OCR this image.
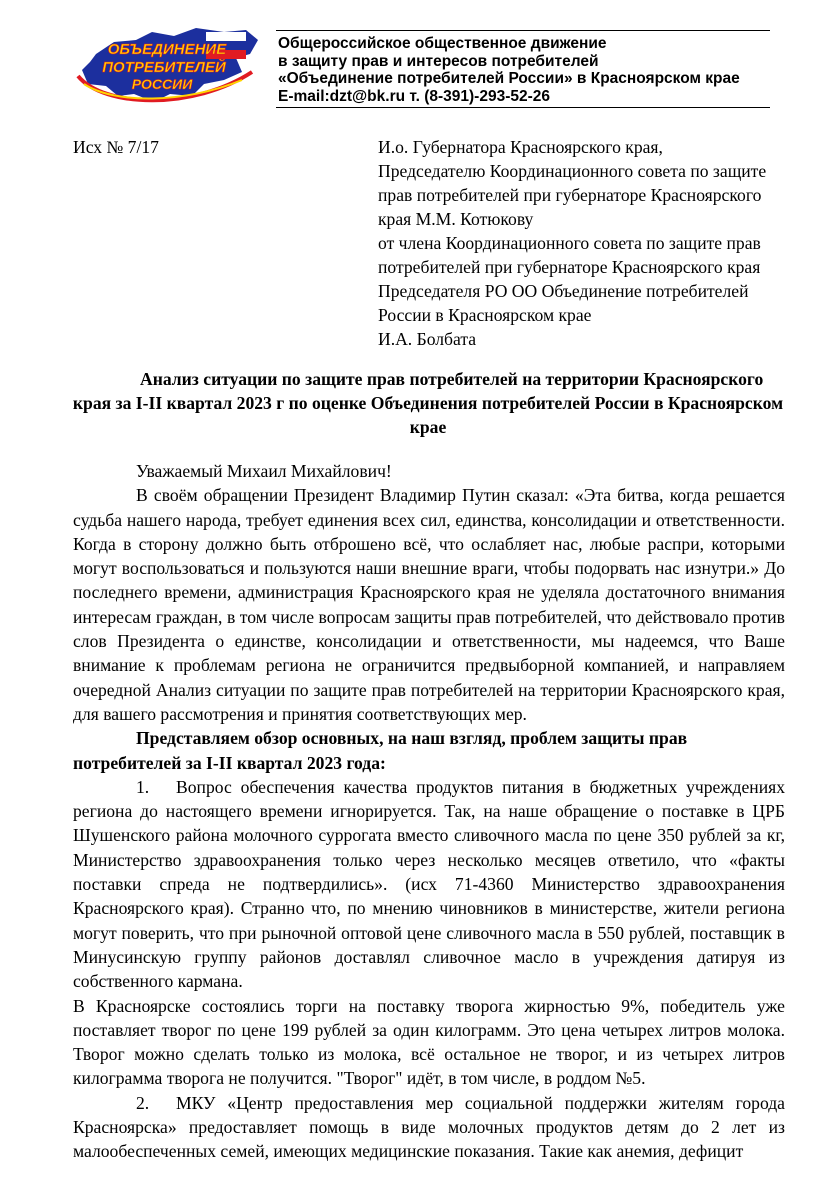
ОБЪЕДИНЕНИЕ
ПОТРЕБИТЕЛЕЙ
РОССИИ
Общероссийское общественное движение
в защиту прав и интересов потребителей
«Объединение потребителей России» в Красноярском крае
E-mail:dzt@bk.ru т. (8-391)-293-52-26
Исх № 7/17	И.о. Губернатора Красноярского края,
Председателю Координационного совета по защите
прав потребителей при губернаторе Красноярского
края М.М. Котюкову
от члена Координационного совета по защите прав
потребителей при губернаторе Красноярского края
Председателя РО ОО Объединение потребителей
России в Красноярском крае
И.А. Болбата
Анализ ситуации по защите прав потребителей на территории Красноярского
края за I-II квартал 2023 г по оценке Объединения потребителей России в Красноярском крае

Уважаемый Михаил Михайлович!

В своём обращении Президент Владимир Путин сказал: «Эта битва, когда решается судьба нашего народа, требует единения всех сил, единства, консолидации и ответственности. Когда в сторону должно быть отброшено всё, что ослабляет нас, любые распри, которыми могут воспользоваться и пользуются наши внешние враги, чтобы подорвать нас изнутри.» До последнего времени, администрация Красноярского края не уделяла достаточного внимания интересам граждан, в том числе вопросам защиты прав потребителей, что действовало против слов Президента о единстве, консолидации и ответственности, мы надеемся, что Ваше внимание к проблемам региона не ограничится предвыборной компанией, и направляем очередной Анализ ситуации по защите прав потребителей на территории Красноярского края, для вашего рассмотрения и принятия соответствующих мер.

Представляем обзор основных, на наш взгляд, проблем защиты прав потребителей за I-II квартал 2023 года:

1. Вопрос обеспечения качества продуктов питания в бюджетных учреждениях региона до настоящего времени игнорируется. Так, на наше обращение о поставке в ЦРБ Шушенского района молочного суррогата вместо сливочного масла по цене 350 рублей за кг, Министерство здравоохранения только через несколько месяцев ответило, что «факты поставки спреда не подтвердились». (исх 71-4360 Министерство здравоохранения Красноярского края). Странно что, по мнению чиновников в министерстве, жители региона могут поверить, что при рыночной оптовой цене сливочного масла в 550 рублей, поставщик в Минусинскую группу районов доставлял сливочное масло в учреждения датируя из собственного кармана.

В Красноярске состоялись торги на поставку творога жирностью 9%, победитель уже поставляет творог по цене 199 рублей за один килограмм. Это цена четырех литров молока. Творог можно сделать только из молока, всё остальное не творог, и из четырех литров килограмма творога не получится. "Творог" идёт, в том числе, в роддом №5.

2. МКУ «Центр предоставления мер социальной поддержки жителям города Красноярска» предоставляет помощь в виде молочных продуктов детям до 2 лет из малообеспеченных семей, имеющих медицинские показания. Такие как анемия, дефицит
